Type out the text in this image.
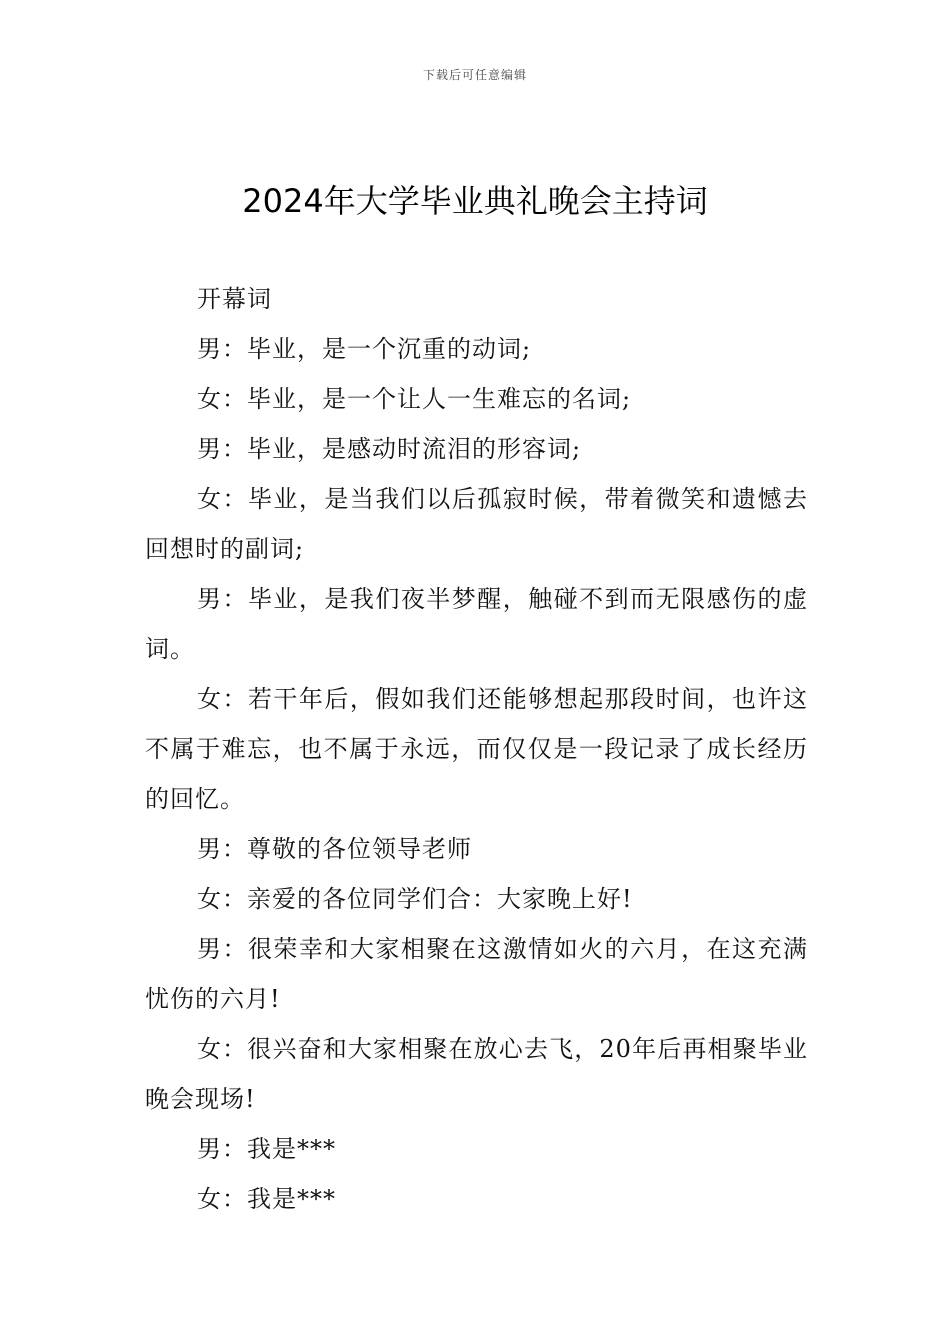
下载后可任意编辑
2024年大学毕业典礼晚会主持词

开幕词

男：毕业，是一个沉重的动词;

女：毕业，是一个让人一生难忘的名词;

男：毕业，是感动时流泪的形容词;

女：毕业，是当我们以后孤寂时候，带着微笑和遗憾去回想时的副词;

男：毕业，是我们夜半梦醒，触碰不到而无限感伤的虚词。

女：若干年后，假如我们还能够想起那段时间，也许这不属于难忘，也不属于永远，而仅仅是一段记录了成长经历的回忆。

男：尊敬的各位领导老师

女：亲爱的各位同学们合：大家晚上好!

男：很荣幸和大家相聚在这激情如火的六月，在这充满忧伤的六月!

女：很兴奋和大家相聚在放心去飞，20年后再相聚毕业晚会现场!

男：我是***

女：我是***
